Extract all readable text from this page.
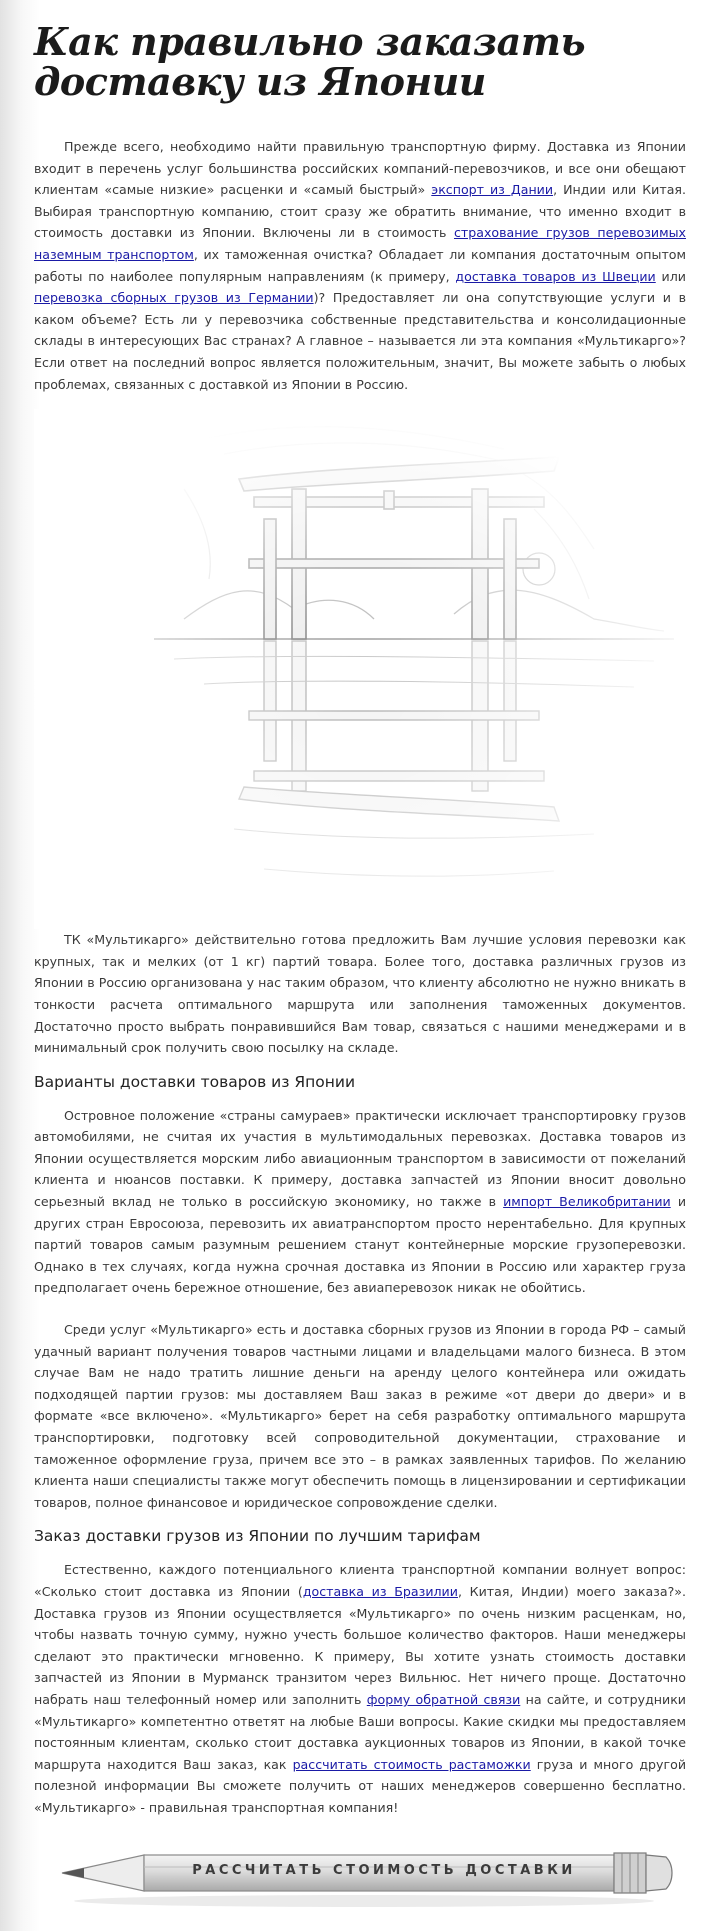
Как правильно заказать доставку из Японии

Прежде всего, необходимо найти правильную транспортную фирму. Доставка из Японии входит в перечень услуг большинства российских компаний-перевозчиков, и все они обещают клиентам «самые низкие» расценки и «самый быстрый» экспорт из Дании, Индии или Китая. Выбирая транспортную компанию, стоит сразу же обратить внимание, что именно входит в стоимость доставки из Японии. Включены ли в стоимость страхование грузов перевозимых наземным транспортом, их таможенная очистка? Обладает ли компания достаточным опытом работы по наиболее популярным направлениям (к примеру, доставка товаров из Швеции или перевозка сборных грузов из Германии)? Предоставляет ли она сопутствующие услуги и в каком объеме? Есть ли у перевозчика собственные представительства и консолидационные склады в интересующих Вас странах? А главное – называется ли эта компания «Мультикарго»? Если ответ на последний вопрос является положительным, значит, Вы можете забыть о любых проблемах, связанных с доставкой из Японии в Россию.

ТК «Мультикарго» действительно готова предложить Вам лучшие условия перевозки как крупных, так и мелких (от 1 кг) партий товара. Более того, доставка различных грузов из Японии в Россию организована у нас таким образом, что клиенту абсолютно не нужно вникать в тонкости расчета оптимального маршрута или заполнения таможенных документов. Достаточно просто выбрать понравившийся Вам товар, связаться с нашими менеджерами и в минимальный срок получить свою посылку на складе.

Варианты доставки товаров из Японии

Островное положение «страны самураев» практически исключает транспортировку грузов автомобилями, не считая их участия в мультимодальных перевозках. Доставка товаров из Японии осуществляется морским либо авиационным транспортом в зависимости от пожеланий клиента и нюансов поставки. К примеру, доставка запчастей из Японии вносит довольно серьезный вклад не только в российскую экономику, но также в импорт Великобритании и других стран Евросоюза, перевозить их авиатранспортом просто нерентабельно. Для крупных партий товаров самым разумным решением станут контейнерные морские грузоперевозки. Однако в тех случаях, когда нужна срочная доставка из Японии в Россию или характер груза предполагает очень бережное отношение, без авиаперевозок никак не обойтись.

Среди услуг «Мультикарго» есть и доставка сборных грузов из Японии в города РФ – самый удачный вариант получения товаров частными лицами и владельцами малого бизнеса. В этом случае Вам не надо тратить лишние деньги на аренду целого контейнера или ожидать подходящей партии грузов: мы доставляем Ваш заказ в режиме «от двери до двери» и в формате «все включено». «Мультикарго» берет на себя разработку оптимального маршрута транспортировки, подготовку всей сопроводительной документации, страхование и таможенное оформление груза, причем все это – в рамках заявленных тарифов. По желанию клиента наши специалисты также могут обеспечить помощь в лицензировании и сертификации товаров, полное финансовое и юридическое сопровождение сделки.

Заказ доставки грузов из Японии по лучшим тарифам

Естественно, каждого потенциального клиента транспортной компании волнует вопрос: «Сколько стоит доставка из Японии (доставка из Бразилии, Китая, Индии) моего заказа?». Доставка грузов из Японии осуществляется «Мультикарго» по очень низким расценкам, но, чтобы назвать точную сумму, нужно учесть большое количество факторов. Наши менеджеры сделают это практически мгновенно. К примеру, Вы хотите узнать стоимость доставки запчастей из Японии в Мурманск транзитом через Вильнюс. Нет ничего проще. Достаточно набрать наш телефонный номер или заполнить форму обратной связи на сайте, и сотрудники «Мультикарго» компетентно ответят на любые Ваши вопросы. Какие скидки мы предоставляем постоянным клиентам, сколько стоит доставка аукционных товаров из Японии, в какой точке маршрута находится Ваш заказ, как рассчитать стоимость растаможки груза и много другой полезной информации Вы сможете получить от наших менеджеров совершенно бесплатно. «Мультикарго» - правильная транспортная компания!

РАССЧИТАТЬ СТОИМОСТЬ ДОСТАВКИ
